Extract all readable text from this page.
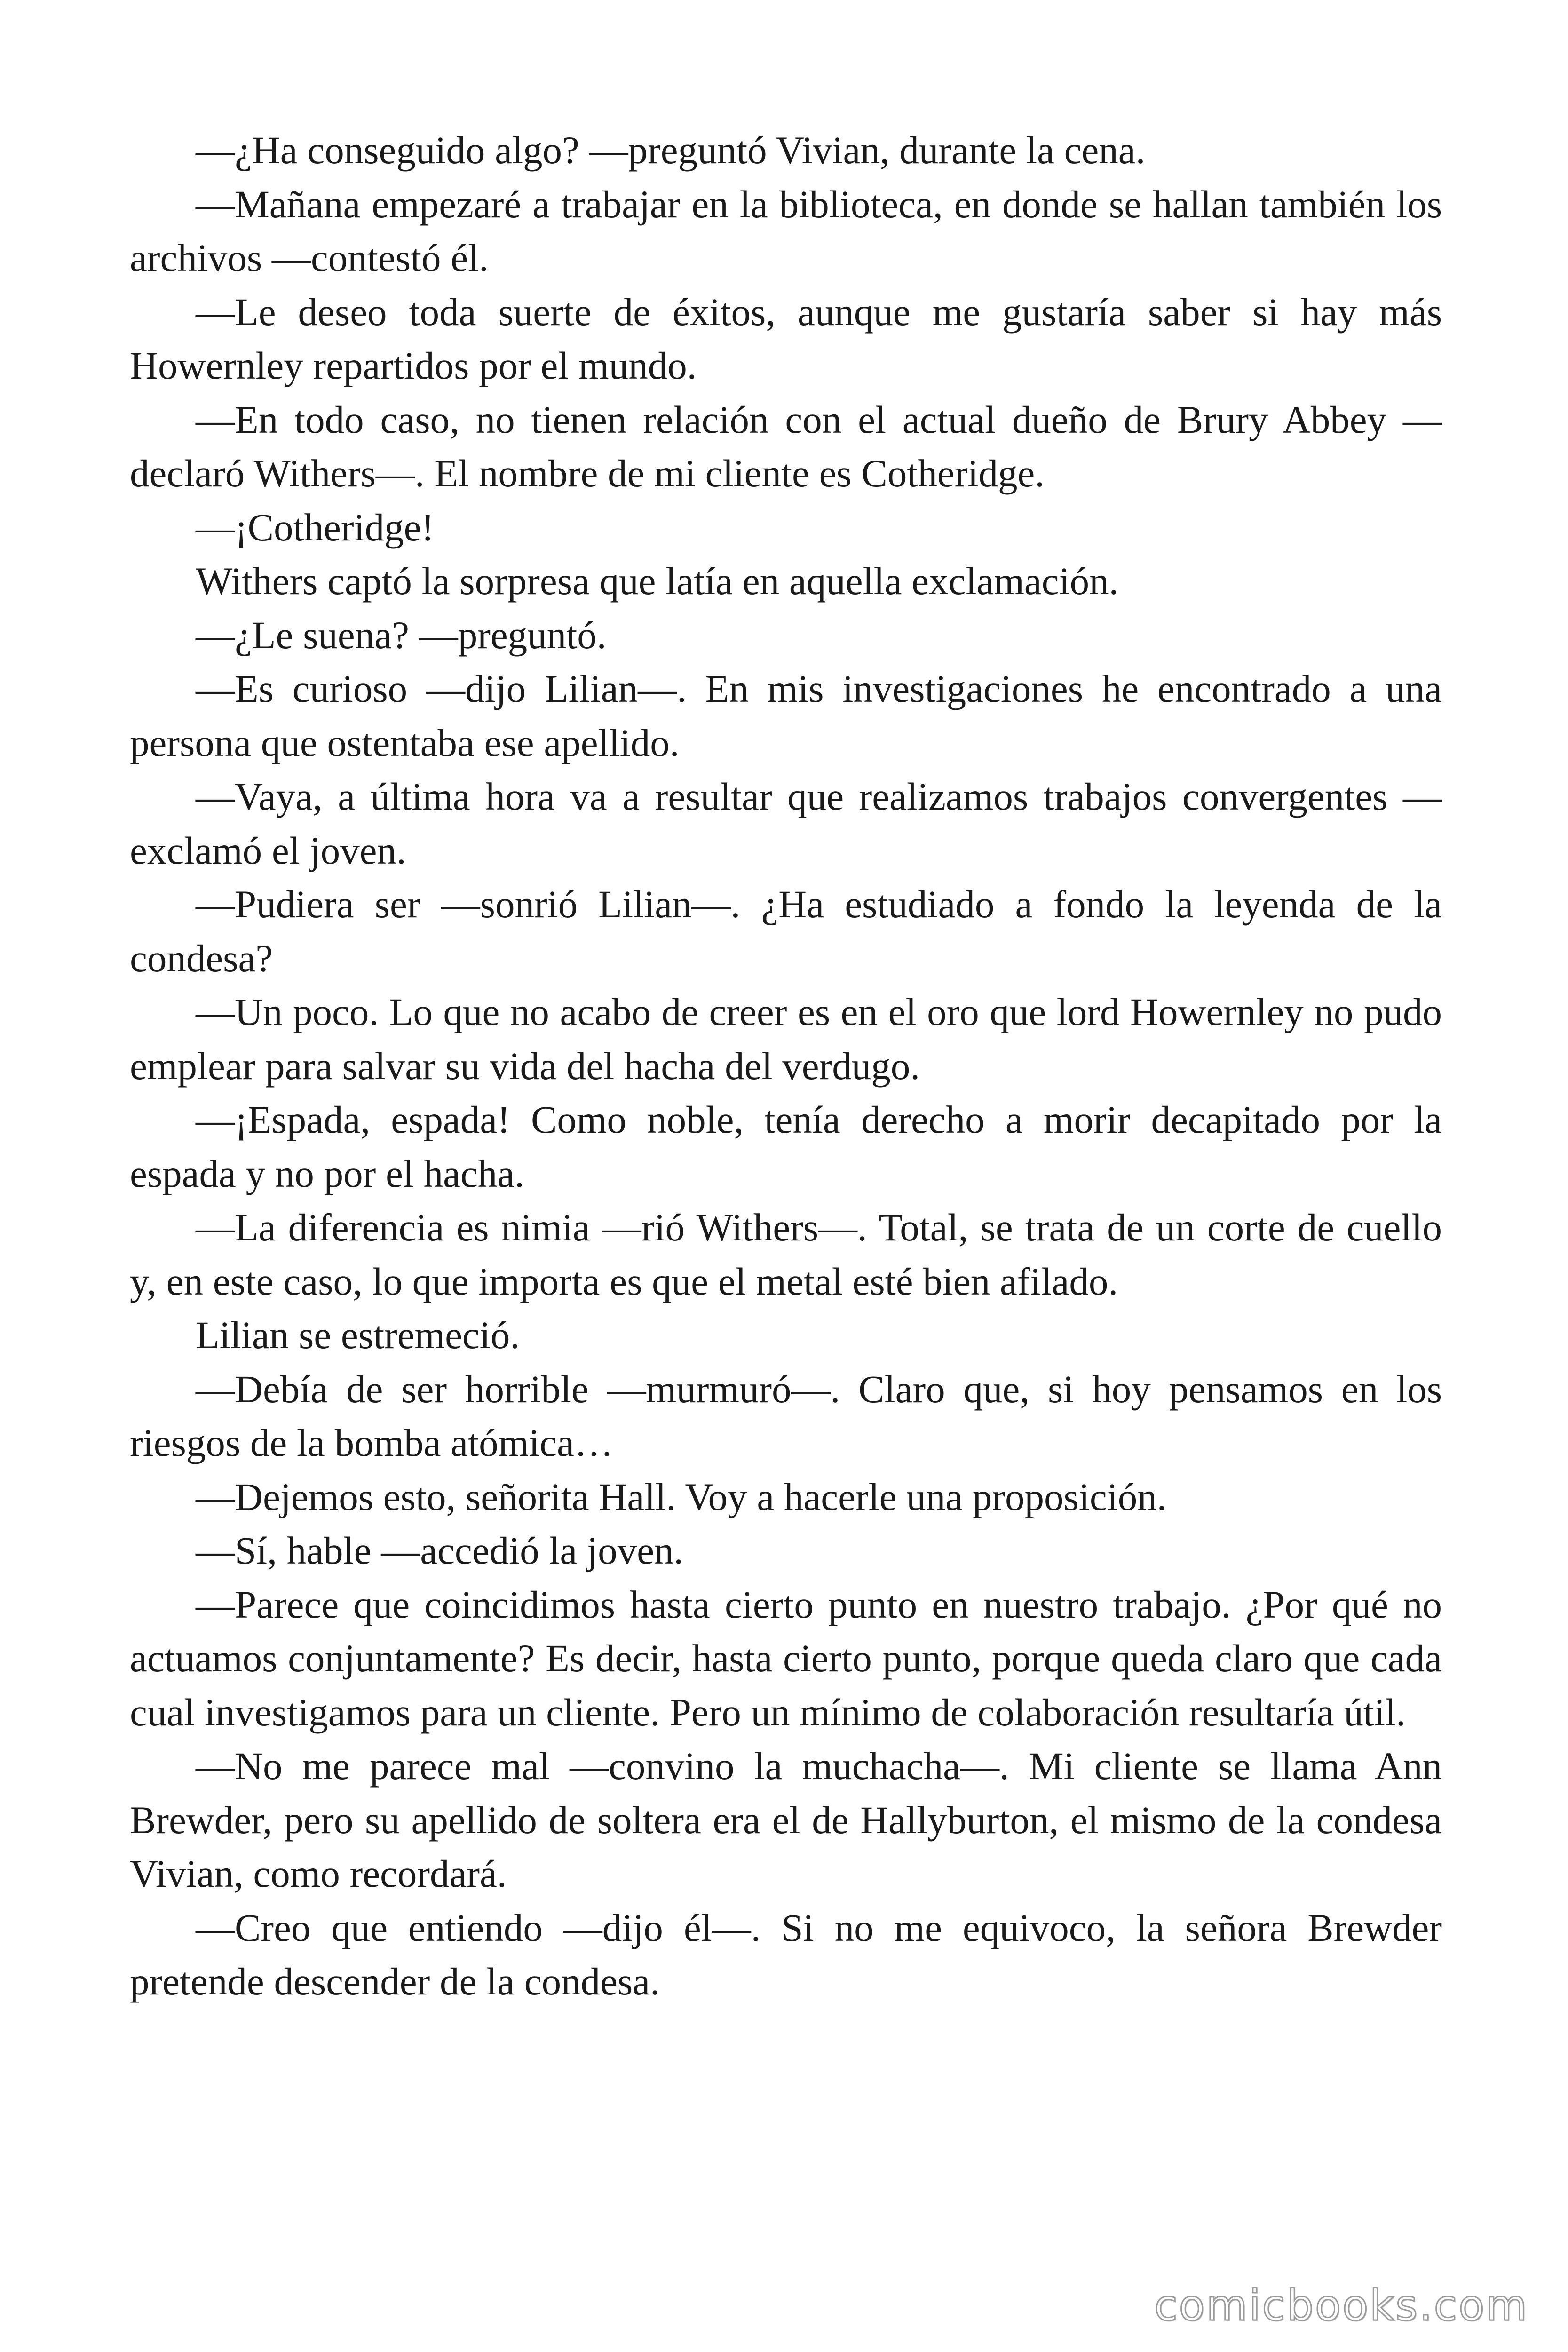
—¿Ha conseguido algo? —preguntó Vivian, durante la cena.

—Mañana empezaré a trabajar en la biblioteca, en donde se hallan también los archivos —contestó él.

—Le deseo toda suerte de éxitos, aunque me gustaría saber si hay más Howernley repartidos por el mundo.

—En todo caso, no tienen relación con el actual dueño de Brury Abbey —declaró Withers—. El nombre de mi cliente es Cotheridge.

—¡Cotheridge!

Withers captó la sorpresa que latía en aquella exclamación.

—¿Le suena? —preguntó.

—Es curioso —dijo Lilian—. En mis investigaciones he encontrado a una persona que ostentaba ese apellido.

—Vaya, a última hora va a resultar que realizamos trabajos convergentes —exclamó el joven.

—Pudiera ser —sonrió Lilian—. ¿Ha estudiado a fondo la leyenda de la condesa?

—Un poco. Lo que no acabo de creer es en el oro que lord Howernley no pudo emplear para salvar su vida del hacha del verdugo.

—¡Espada, espada! Como noble, tenía derecho a morir decapitado por la espada y no por el hacha.

—La diferencia es nimia —rió Withers—. Total, se trata de un corte de cuello y, en este caso, lo que importa es que el metal esté bien afilado.

Lilian se estremeció.

—Debía de ser horrible —murmuró—. Claro que, si hoy pensamos en los riesgos de la bomba atómica…

—Dejemos esto, señorita Hall. Voy a hacerle una proposición.

—Sí, hable —accedió la joven.

—Parece que coincidimos hasta cierto punto en nuestro trabajo. ¿Por qué no actuamos conjuntamente? Es decir, hasta cierto punto, porque queda claro que cada cual investigamos para un cliente. Pero un mínimo de colaboración resultaría útil.

—No me parece mal —convino la muchacha—. Mi cliente se llama Ann Brewder, pero su apellido de soltera era el de Hallyburton, el mismo de la condesa Vivian, como recordará.

—Creo que entiendo —dijo él—. Si no me equivoco, la señora Brewder pretende descender de la condesa.

comicbooks.com
